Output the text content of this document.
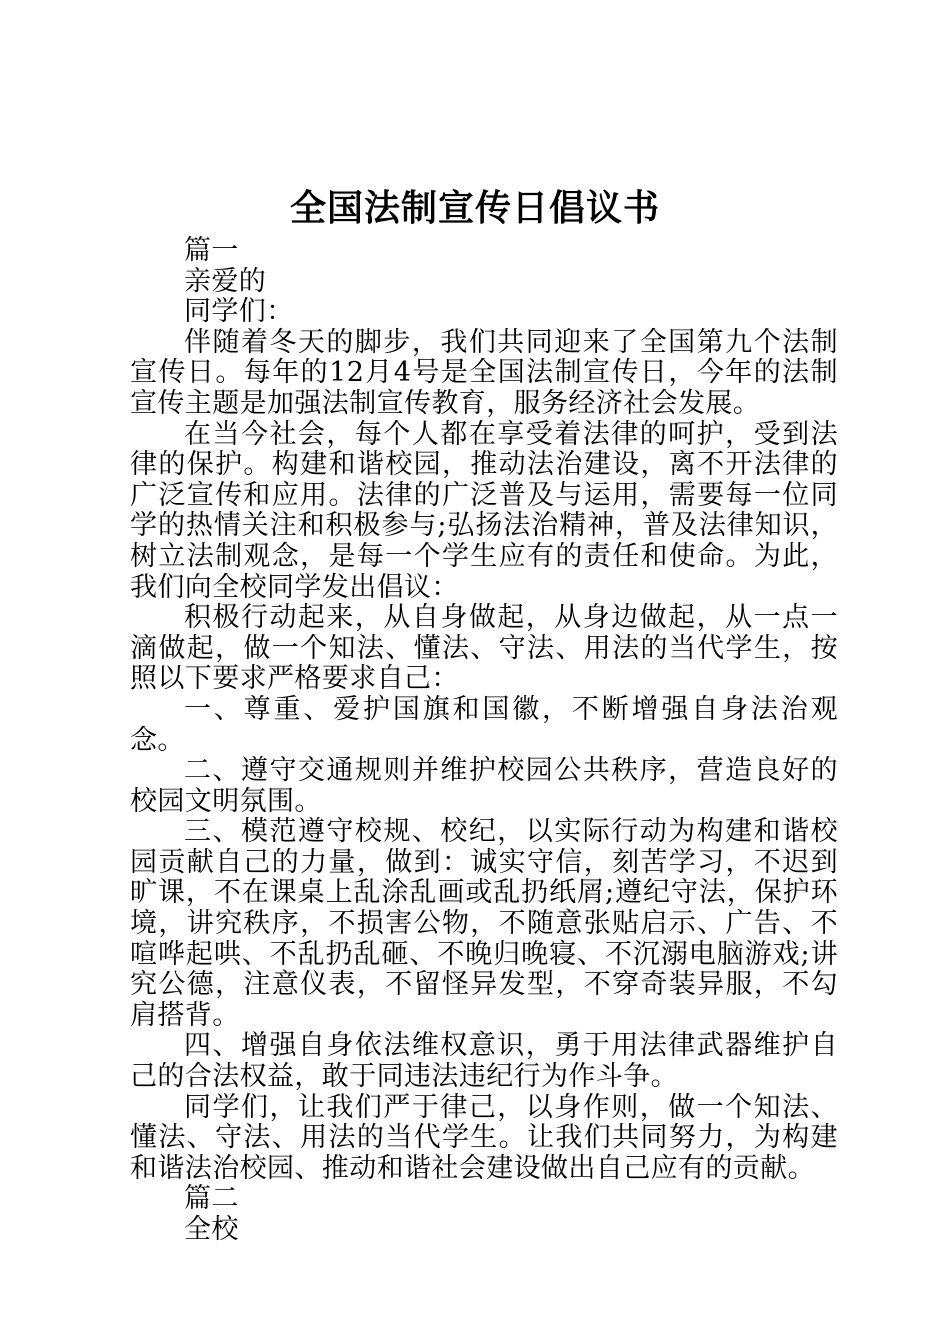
全国法制宣传日倡议书

篇一

亲爱的

同学们：

伴随着冬天的脚步，我们共同迎来了全国第九个法制宣传日。每年的12月4号是全国法制宣传日，今年的法制宣传主题是加强法制宣传教育，服务经济社会发展。

在当今社会，每个人都在享受着法律的呵护，受到法律的保护。构建和谐校园，推动法治建设，离不开法律的广泛宣传和应用。法律的广泛普及与运用，需要每一位同学的热情关注和积极参与;弘扬法治精神，普及法律知识，树立法制观念，是每一个学生应有的责任和使命。为此，我们向全校同学发出倡议：

积极行动起来，从自身做起，从身边做起，从一点一滴做起，做一个知法、懂法、守法、用法的当代学生，按照以下要求严格要求自己：

一、尊重、爱护国旗和国徽，不断增强自身法治观念。

二、遵守交通规则并维护校园公共秩序，营造良好的校园文明氛围。

三、模范遵守校规、校纪，以实际行动为构建和谐校园贡献自己的力量，做到：诚实守信，刻苦学习，不迟到旷课，不在课桌上乱涂乱画或乱扔纸屑;遵纪守法，保护环境，讲究秩序，不损害公物，不随意张贴启示、广告、不喧哗起哄、不乱扔乱砸、不晚归晚寝、不沉溺电脑游戏;讲究公德，注意仪表，不留怪异发型，不穿奇装异服，不勾肩搭背。

四、增强自身依法维权意识，勇于用法律武器维护自己的合法权益，敢于同违法违纪行为作斗争。

同学们，让我们严于律己，以身作则，做一个知法、懂法、守法、用法的当代学生。让我们共同努力，为构建和谐法治校园、推动和谐社会建设做出自己应有的贡献。

篇二

全校
